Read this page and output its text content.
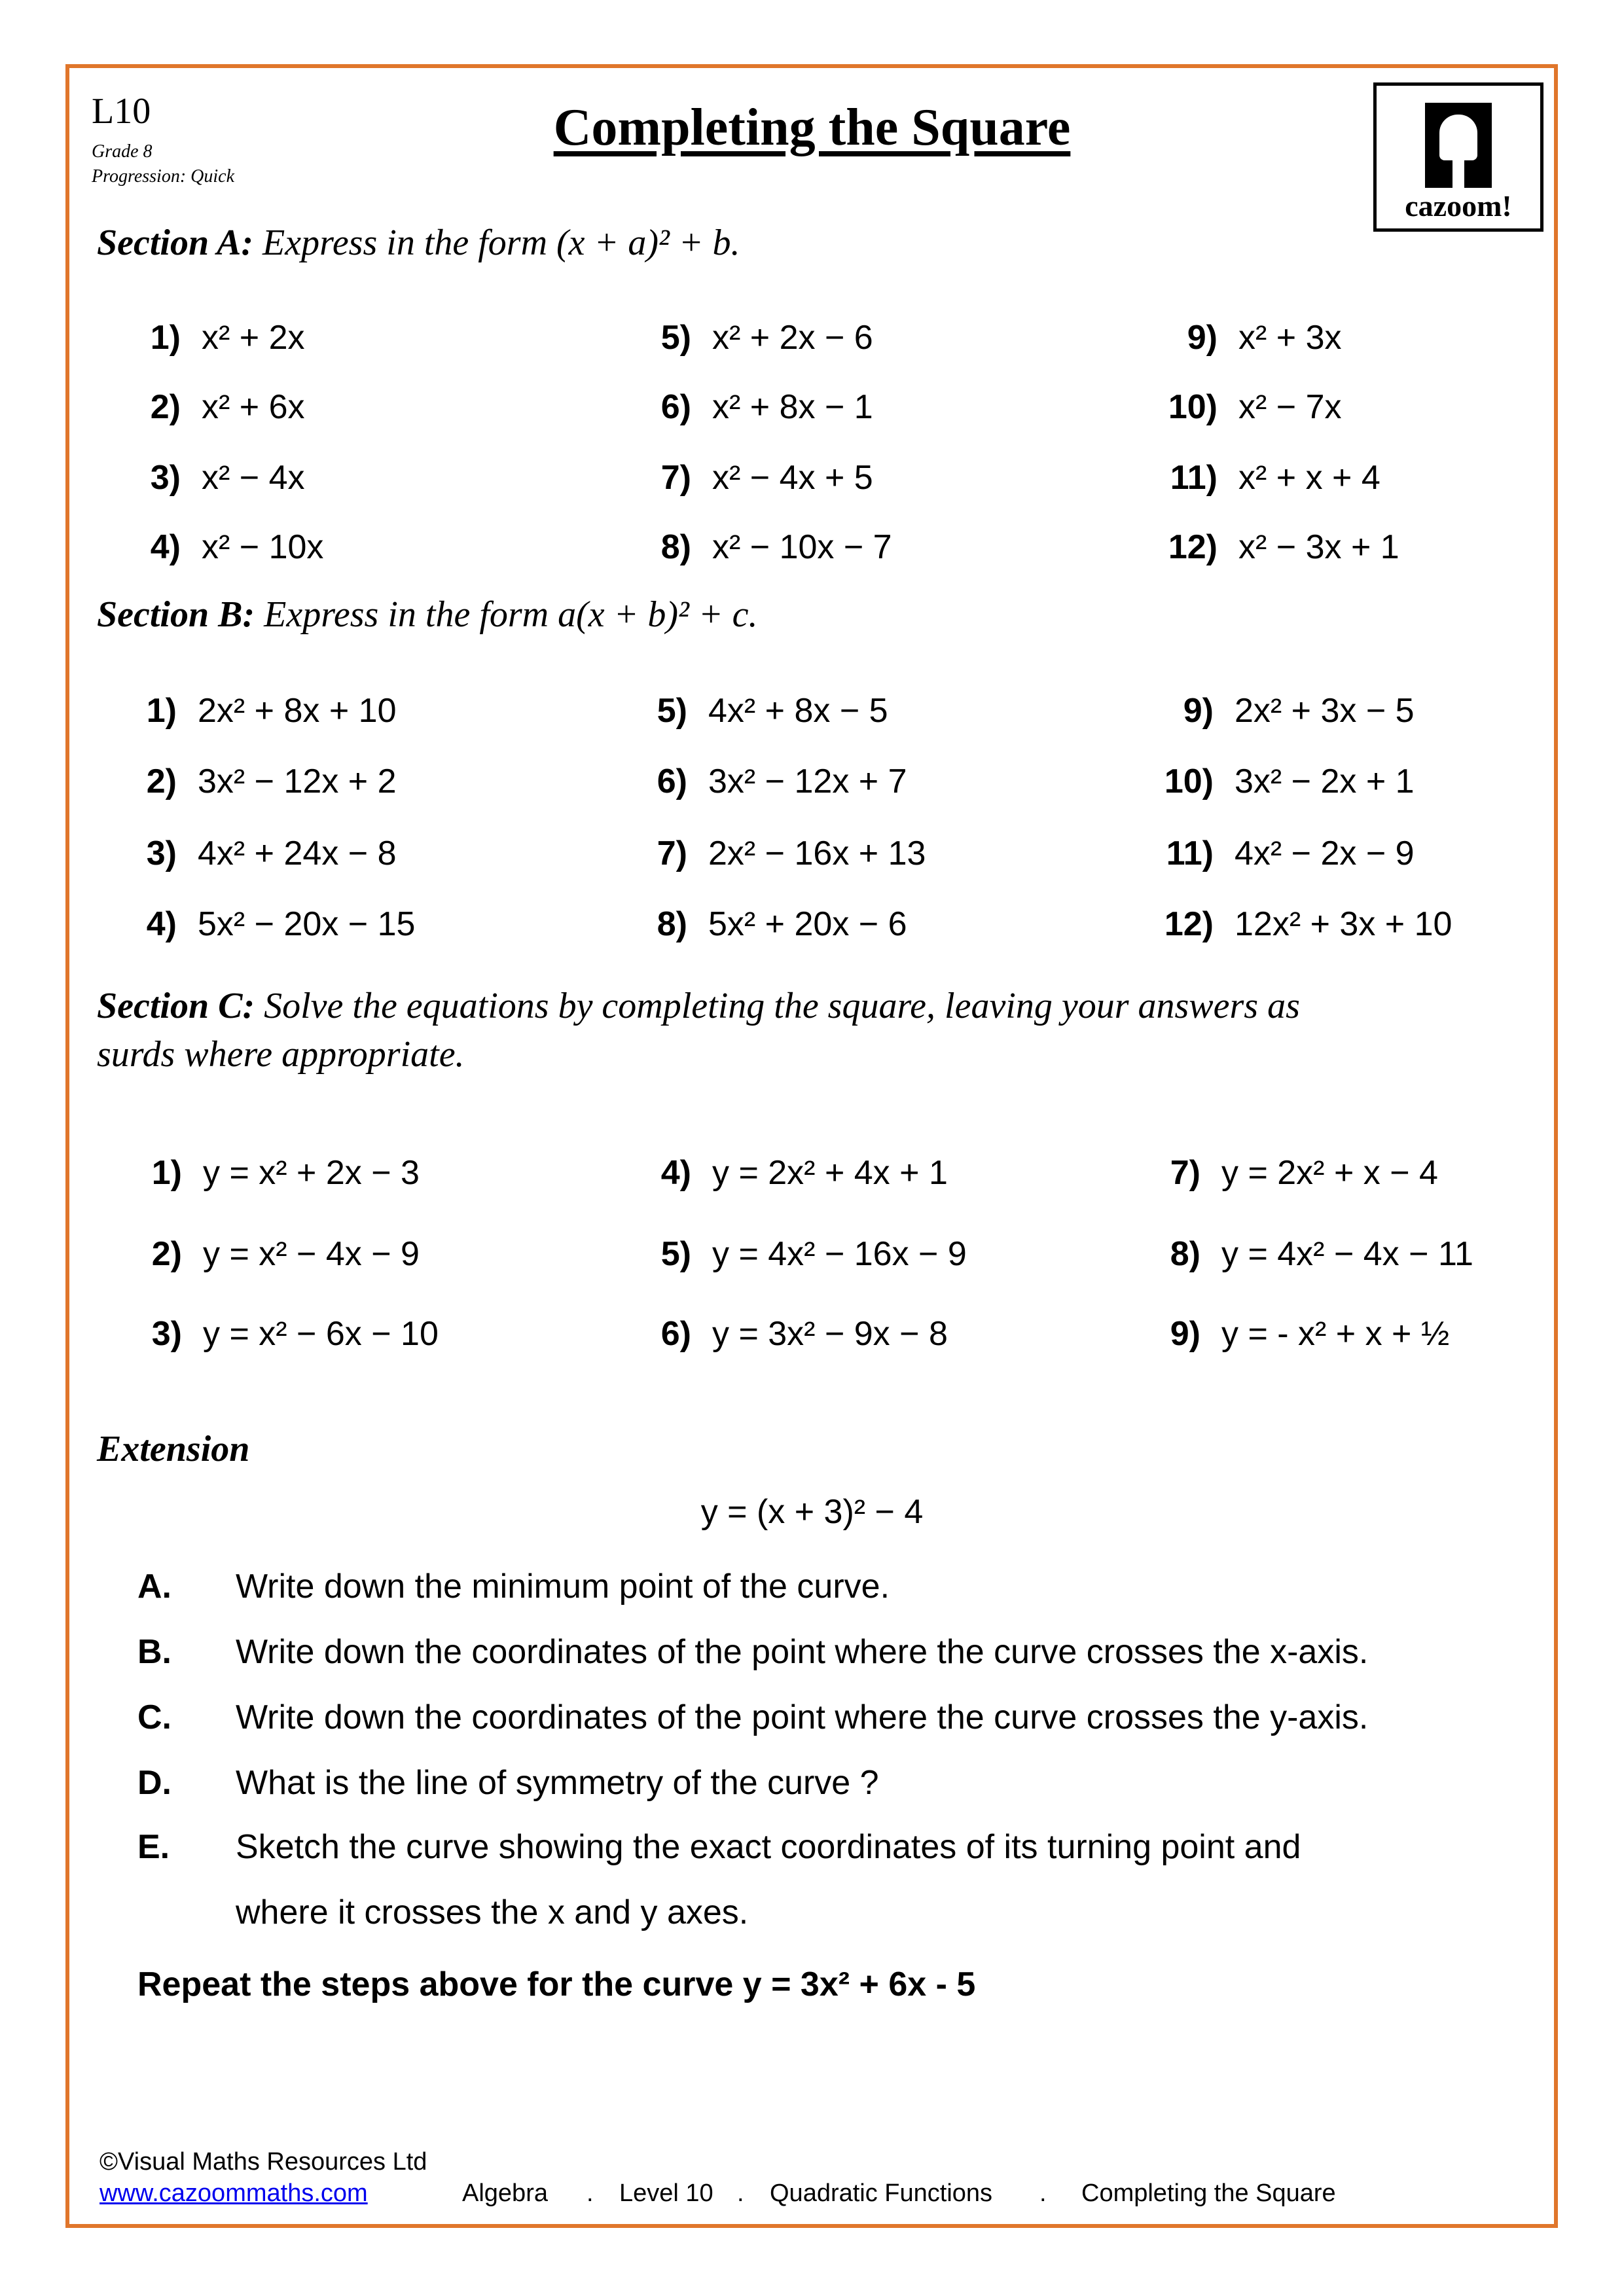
L10
Grade 8
Progression: Quick
Completing the Square
cazoom!
Section A: Express in the form (x + a)² + b.
1) x² + 2x
2) x² + 6x
3) x² − 4x
4) x² − 10x
5) x² + 2x − 6
6) x² + 8x − 1
7) x² − 4x + 5
8) x² − 10x − 7
9) x² + 3x
10) x² − 7x
11) x² + x + 4
12) x² − 3x + 1
Section B: Express in the form a(x + b)² + c.
1) 2x² + 8x + 10
2) 3x² − 12x + 2
3) 4x² + 24x − 8
4) 5x² − 20x − 15
5) 4x² + 8x − 5
6) 3x² − 12x + 7
7) 2x² − 16x + 13
8) 5x² + 20x − 6
9) 2x² + 3x − 5
10) 3x² − 2x + 1
11) 4x² − 2x − 9
12) 12x² + 3x + 10
Section C: Solve the equations by completing the square, leaving your answers as
surds where appropriate.
1) y = x² + 2x − 3
2) y = x² − 4x − 9
3) y = x² − 6x − 10
4) y = 2x² + 4x + 1
5) y = 4x² − 16x − 9
6) y = 3x² − 9x − 8
7) y = 2x² + x − 4
8) y = 4x² − 4x − 11
9) y = - x² + x + ½
Extension
y = (x + 3)² − 4
A. Write down the minimum point of the curve.
B. Write down the coordinates of the point where the curve crosses the x-axis.
C. Write down the coordinates of the point where the curve crosses the y-axis.
D. What is the line of symmetry of the curve ?
E. Sketch the curve showing the exact coordinates of its turning point and
where it crosses the x and y axes.
Repeat the steps above for the curve y = 3x² + 6x - 5
©Visual Maths Resources Ltd
www.cazoommaths.com	Algebra . Level 10 . Quadratic Functions . Completing the Square
